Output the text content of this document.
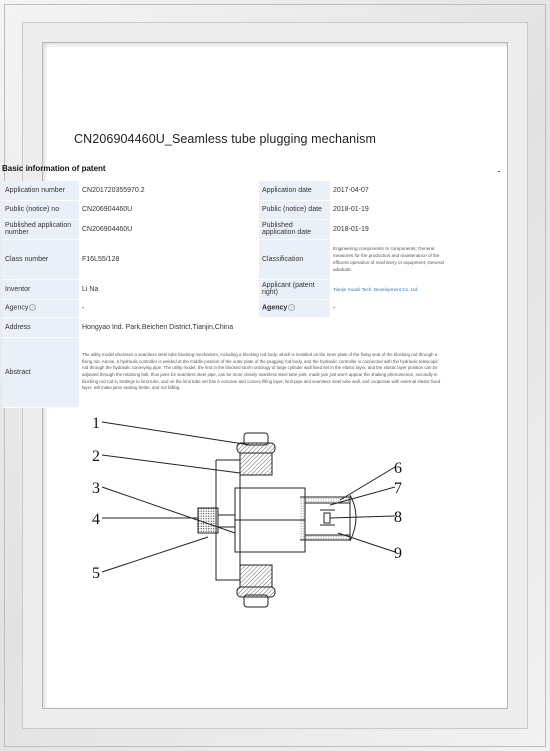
CN206904460U_Seamless tube plugging mechanism
Basic information of patent
Application number	CN201720355970.2	Application date	2017-04-07
Public (notice) no	CN206904460U	Public (notice) date	2018-01-19
Published application number	CN206904460U	Published application date	2018-01-19
Class number	F16L55/128	Classification	Engineering components or components; General measures for the production and maintenance of the efficient operation of machinery or equipment; General adiabatic
Inventor	Li Na	Applicant (patent right)	Tianjin Xuanli Tech. Development Co. Ltd.
Agency ?	-	Agency ?	-
Address	Hongyao Ind. Park,Beichen District,Tianjin,China		
Abstract	The utility model discloses a seamless steel tube blocking mechanism, including a blocking rod body, which is installed on the inner plate of the fixing seat of the blocking rod through a fixing nut. Above, a hydraulic controller is welded at the middle position of the outer plate of the plugging rod body, and the hydraulic controller is connected with the hydraulic telescopic rod through the hydraulic conveying pipe. The utility model, the first in the blocked storm ontology of large cylinder wall fixed set in the elastic layer, and the elastic layer position can be adjusted through the retaining bolt, thus jams for seamless steel pipe, can be more closely seamless steel tube joint, made jam just won't appear the shaking phenomenon, secondly in blocking rod rod in Settings to limit tube, and on the limit tube set has a concave and convex filling layer, limit pipe and seamless steel tube wall, and cooperate with external elastic fixed layer, will make jams sealing better, and not falling.		
1
2
3
4
5
6
7
8
9
